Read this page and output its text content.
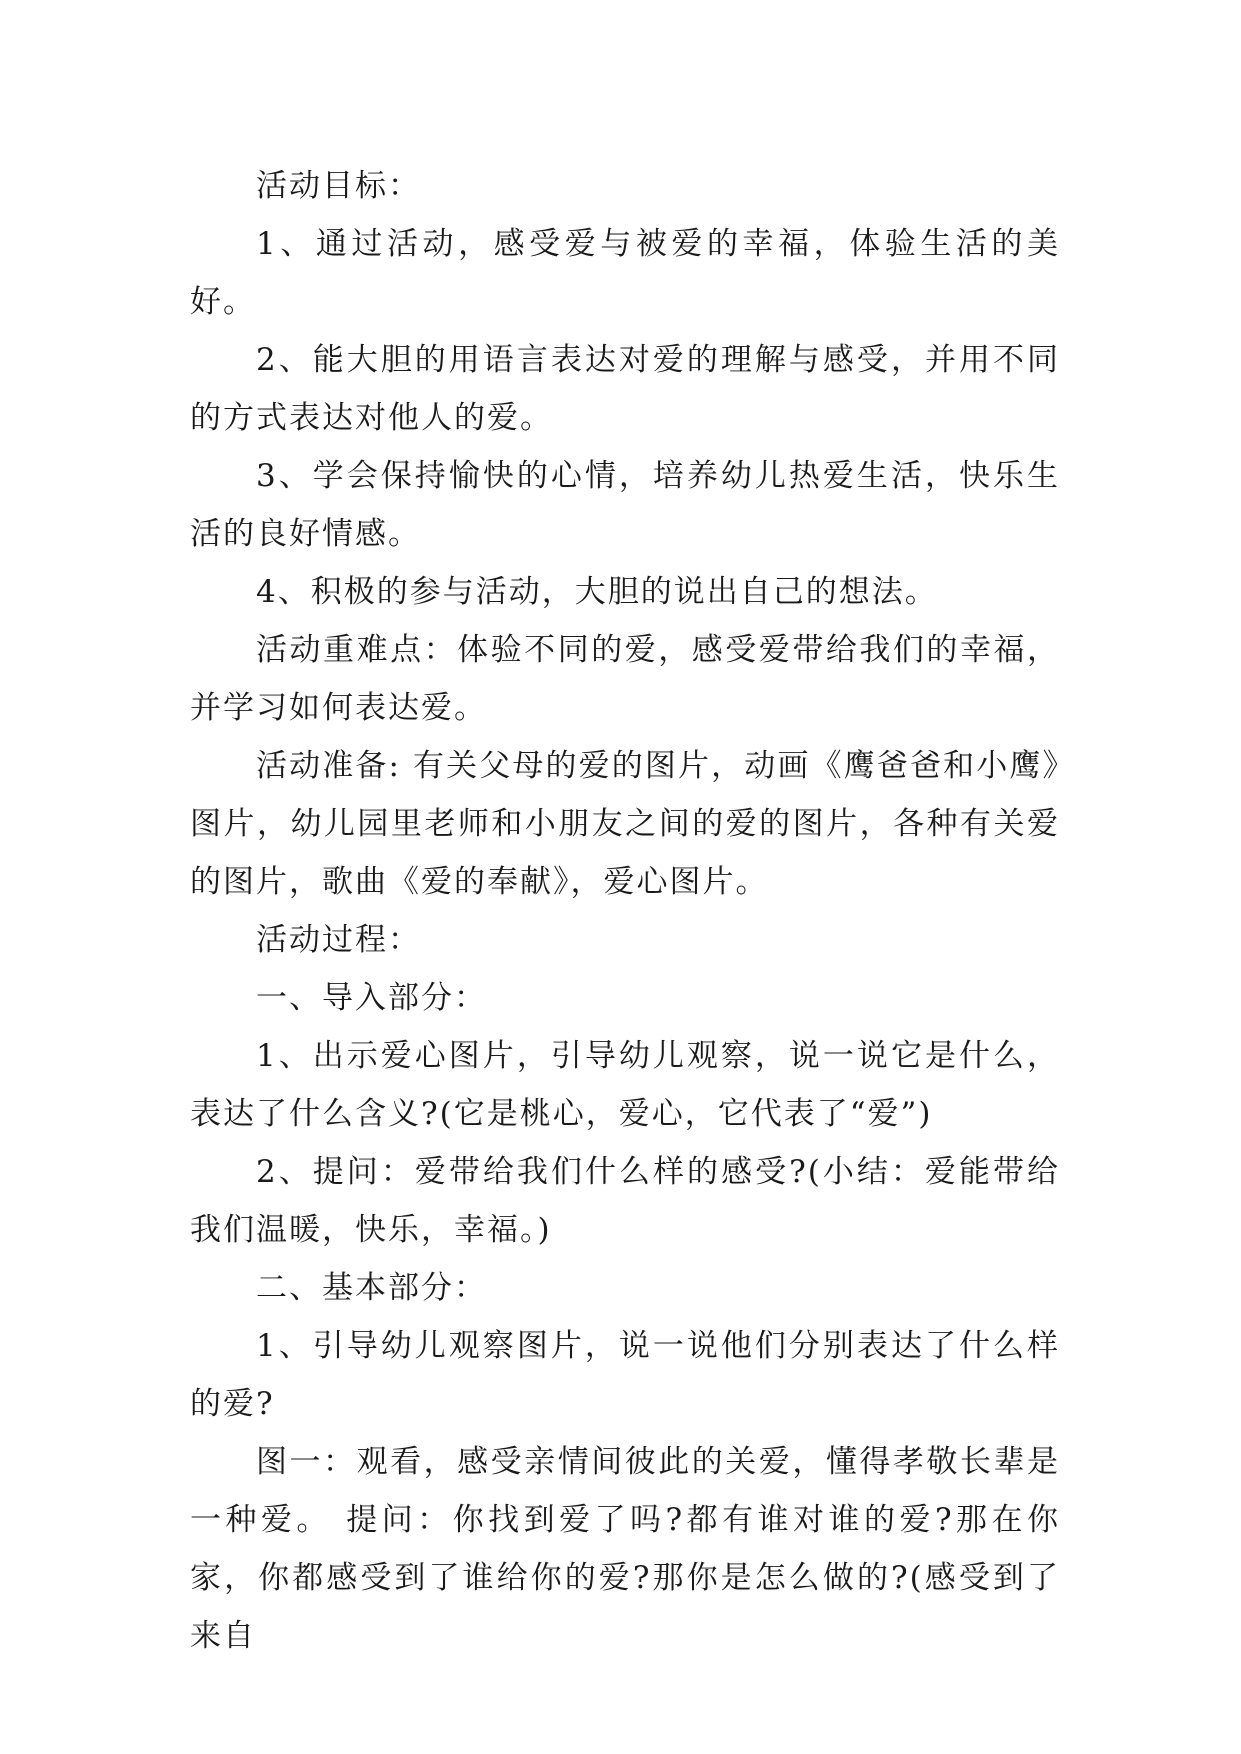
活动目标：

1、通过活动，感受爱与被爱的幸福，体验生活的美好。

2、能大胆的用语言表达对爱的理解与感受，并用不同的方式表达对他人的爱。

3、学会保持愉快的心情，培养幼儿热爱生活，快乐生活的良好情感。

4、积极的参与活动，大胆的说出自己的想法。

活动重难点：体验不同的爱，感受爱带给我们的幸福，并学习如何表达爱。

活动准备: 有关父母的爱的图片，动画《鹰爸爸和小鹰》图片，幼儿园里老师和小朋友之间的爱的图片，各种有关爱的图片，歌曲《爱的奉献》，爱心图片。

活动过程：

一、导入部分：

1、出示爱心图片，引导幼儿观察，说一说它是什么，表达了什么含义?(它是桃心，爱心，它代表了“爱”)

2、提问：爱带给我们什么样的感受?(小结：爱能带给我们温暖，快乐，幸福。)

二、基本部分：

1、引导幼儿观察图片，说一说他们分别表达了什么样的爱?

图一：观看，感受亲情间彼此的关爱，懂得孝敬长辈是一种爱。 提问：你找到爱了吗?都有谁对谁的爱?那在你家，你都感受到了谁给你的爱?那你是怎么做的?(感受到了来自
